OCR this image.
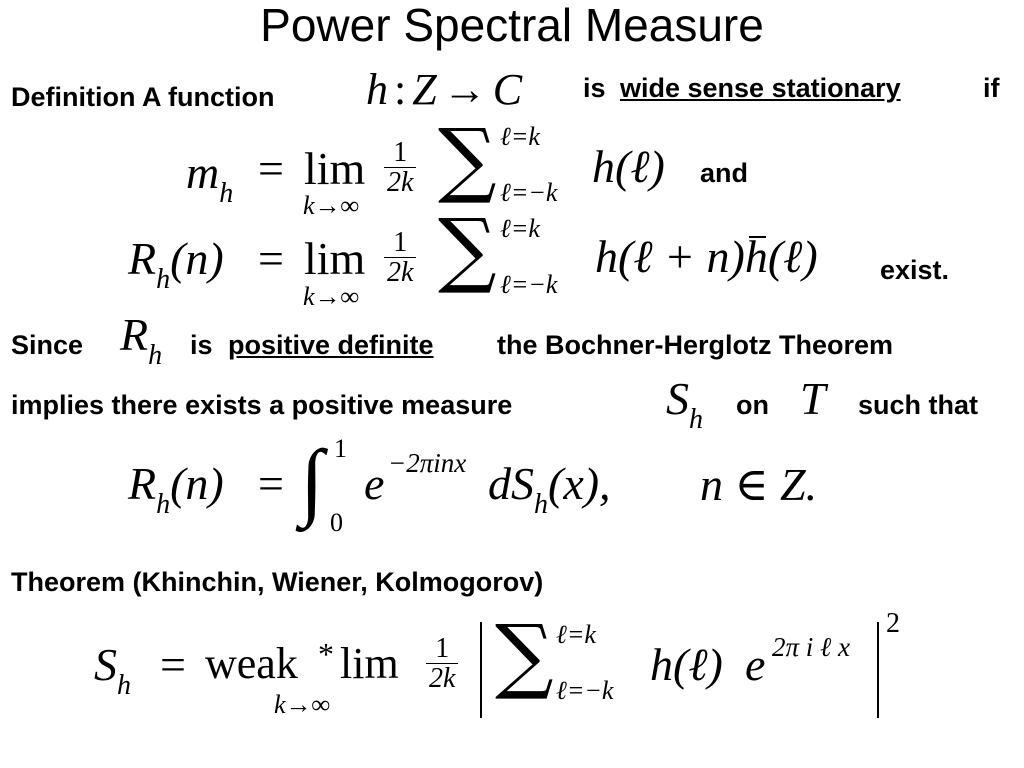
Power Spectral Measure
Definition A function h : Z → C is wide sense stationary	if
mh = lim
k→∞
$\frac{1}{2k}$ ∑ ℓ=k
ℓ=−k
h(ℓ) and
Rh(n) = lim
k→∞
$\frac{1}{2k}$ ∑ ℓ=k
ℓ=−k
h(ℓ + n)h(ℓ) exist.
Since Rh is positive definite the Bochner-Herglotz Theorem
implies there exists a positive measure	Sh on T such that
Rh(n) = ∫ 1
0
e −2πinx dSh(x), n ∈ Z.
Theorem (Khinchin, Wiener, Kolmogorov)
Sh = weak * lim
k→∞
$\frac{1}{2k}$ ∑ ℓ=k
ℓ=−k
h(ℓ) e 2π i ℓ x
2
